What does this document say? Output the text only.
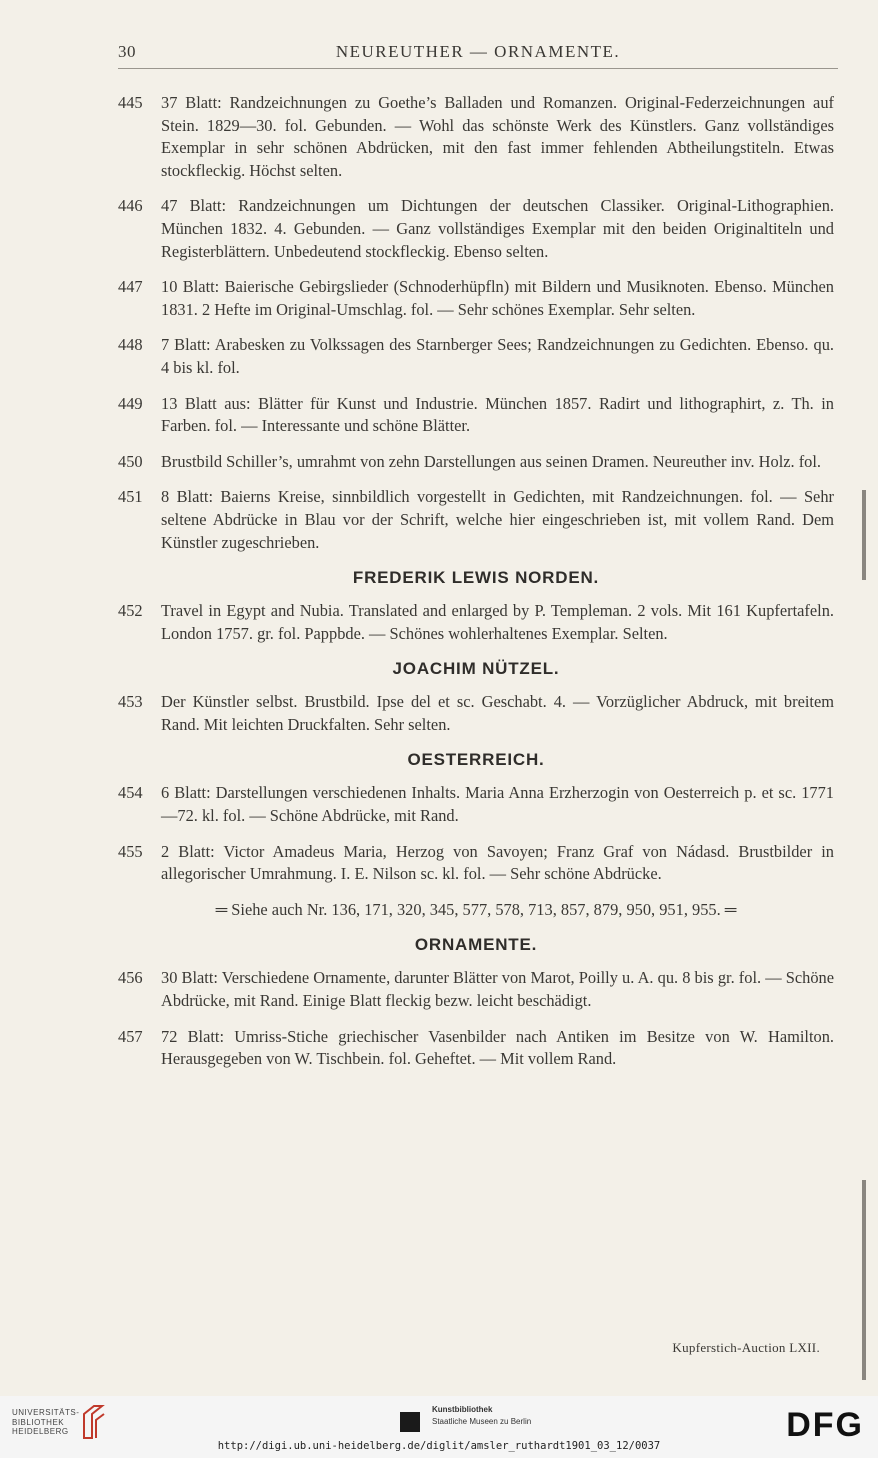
30	NEUREUTHER — ORNAMENTE.
445 37 Blatt: Randzeichnungen zu Goethe’s Balladen und Romanzen. Original-Federzeichnungen auf Stein. 1829—30. fol. Gebunden. — Wohl das schönste Werk des Künstlers. Ganz vollständiges Exemplar in sehr schönen Abdrücken, mit den fast immer fehlenden Abtheilungstiteln. Etwas stockfleckig. Höchst selten.
446 47 Blatt: Randzeichnungen um Dichtungen der deutschen Classiker. Original-Lithographien. München 1832. 4. Gebunden. — Ganz vollständiges Exemplar mit den beiden Originaltiteln und Registerblättern. Unbedeutend stockfleckig. Ebenso selten.
447 10 Blatt: Baierische Gebirgslieder (Schnoderhüpfln) mit Bildern und Musiknoten. Ebenso. München 1831. 2 Hefte im Original-Umschlag. fol. — Sehr schönes Exemplar. Sehr selten.
448 7 Blatt: Arabesken zu Volkssagen des Starnberger Sees; Randzeichnungen zu Gedichten. Ebenso. qu. 4 bis kl. fol.
449 13 Blatt aus: Blätter für Kunst und Industrie. München 1857. Radirt und lithographirt, z. Th. in Farben. fol. — Interessante und schöne Blätter.
450 Brustbild Schiller’s, umrahmt von zehn Darstellungen aus seinen Dramen. Neureuther inv. Holz. fol.
451 8 Blatt: Baierns Kreise, sinnbildlich vorgestellt in Gedichten, mit Randzeichnungen. fol. — Sehr seltene Abdrücke in Blau vor der Schrift, welche hier eingeschrieben ist, mit vollem Rand. Dem Künstler zugeschrieben.
FREDERIK LEWIS NORDEN.
452 Travel in Egypt and Nubia. Translated and enlarged by P. Templeman. 2 vols. Mit 161 Kupfertafeln. London 1757. gr. fol. Pappbde. — Schönes wohlerhaltenes Exemplar. Selten.
JOACHIM NÜTZEL.
453 Der Künstler selbst. Brustbild. Ipse del et sc. Geschabt. 4. — Vorzüglicher Abdruck, mit breitem Rand. Mit leichten Druckfalten. Sehr selten.
OESTERREICH.
454 6 Blatt: Darstellungen verschiedenen Inhalts. Maria Anna Erzherzogin von Oesterreich p. et sc. 1771—72. kl. fol. — Schöne Abdrücke, mit Rand.
455 2 Blatt: Victor Amadeus Maria, Herzog von Savoyen; Franz Graf von Nádasd. Brustbilder in allegorischer Umrahmung. I. E. Nilson sc. kl. fol. — Sehr schöne Abdrücke.
═ Siehe auch Nr. 136, 171, 320, 345, 577, 578, 713, 857, 879, 950, 951, 955. ═
ORNAMENTE.
456 30 Blatt: Verschiedene Ornamente, darunter Blätter von Marot, Poilly u. A. qu. 8 bis gr. fol. — Schöne Abdrücke, mit Rand. Einige Blatt fleckig bezw. leicht beschädigt.
457 72 Blatt: Umriss-Stiche griechischer Vasenbilder nach Antiken im Besitze von W. Hamilton. Herausgegeben von W. Tischbein. fol. Geheftet. — Mit vollem Rand.
Kupferstich-Auction LXII.
UNIVERSITÄTS-
BIBLIOTHEK
HEIDELBERG
Kunstbibliothek
Staatliche Museen zu Berlin	DFG
http://digi.ub.uni-heidelberg.de/diglit/amsler_ruthardt1901_03_12/0037
